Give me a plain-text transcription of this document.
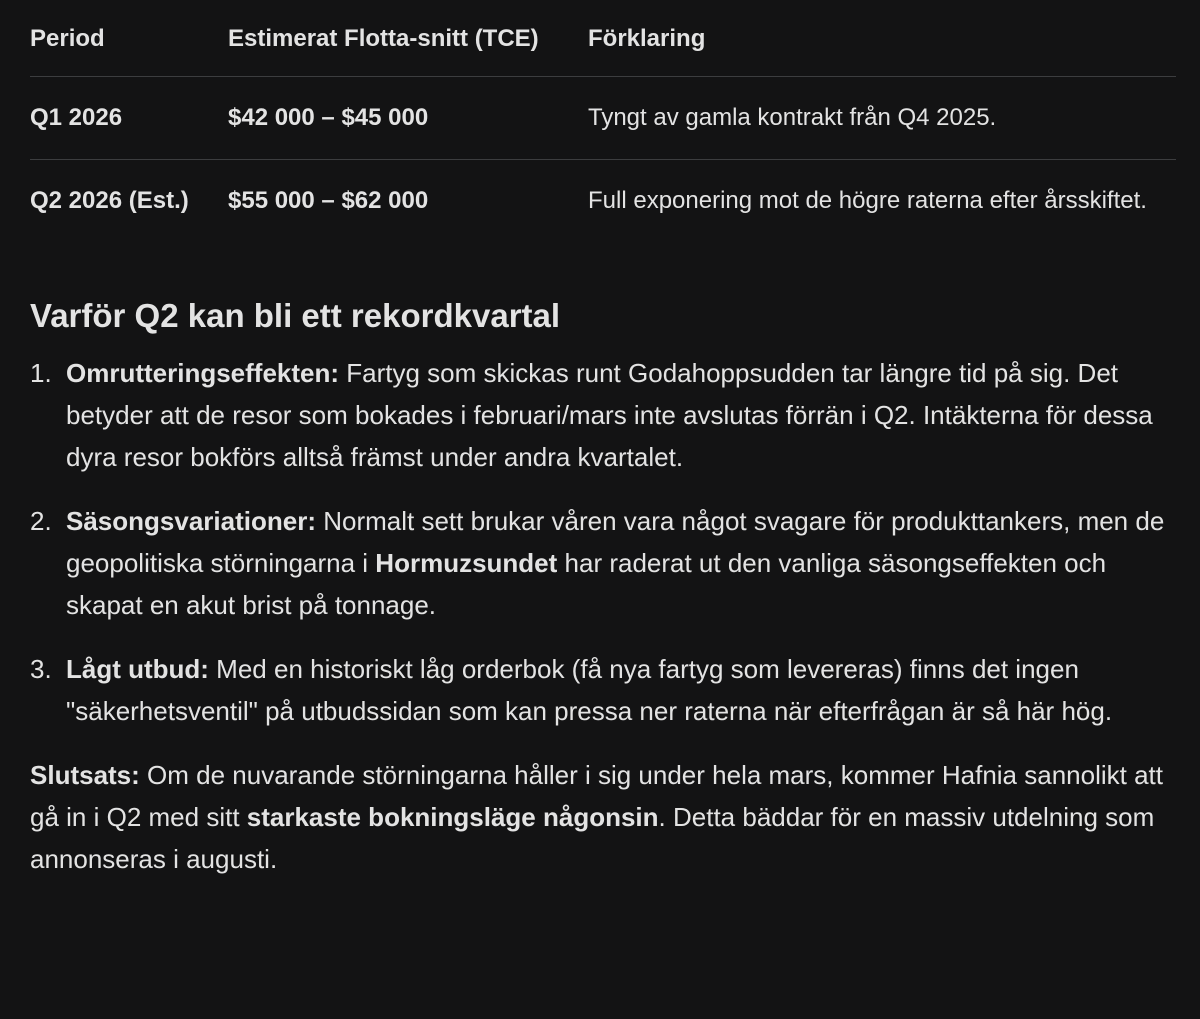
Period	Estimerat Flotta-snitt (TCE)	Förklaring
Q1 2026	$42 000 – $45 000	Tyngt av gamla kontrakt från Q4 2025.
Q2 2026 (Est.)	$55 000 – $62 000	Full exponering mot de högre raterna efter årsskiftet.
Varför Q2 kan bli ett rekordkvartal
1. Omrutteringseffekten: Fartyg som skickas runt Godahoppsudden tar längre tid på sig. Det betyder att de resor som bokades i februari/mars inte avslutas förrän i Q2. Intäkterna för dessa dyra resor bokförs alltså främst under andra kvartalet.
2. Säsongsvariationer: Normalt sett brukar våren vara något svagare för produkttankers, men de geopolitiska störningarna i Hormuzsundet har raderat ut den vanliga säsongseffekten och skapat en akut brist på tonnage.
3. Lågt utbud: Med en historiskt låg orderbok (få nya fartyg som levereras) finns det ingen "säkerhetsventil" på utbudssidan som kan pressa ner raterna när efterfrågan är så här hög.

Slutsats: Om de nuvarande störningarna håller i sig under hela mars, kommer Hafnia sannolikt att gå in i Q2 med sitt starkaste bokningsläge någonsin. Detta bäddar för en massiv utdelning som annonseras i augusti.
